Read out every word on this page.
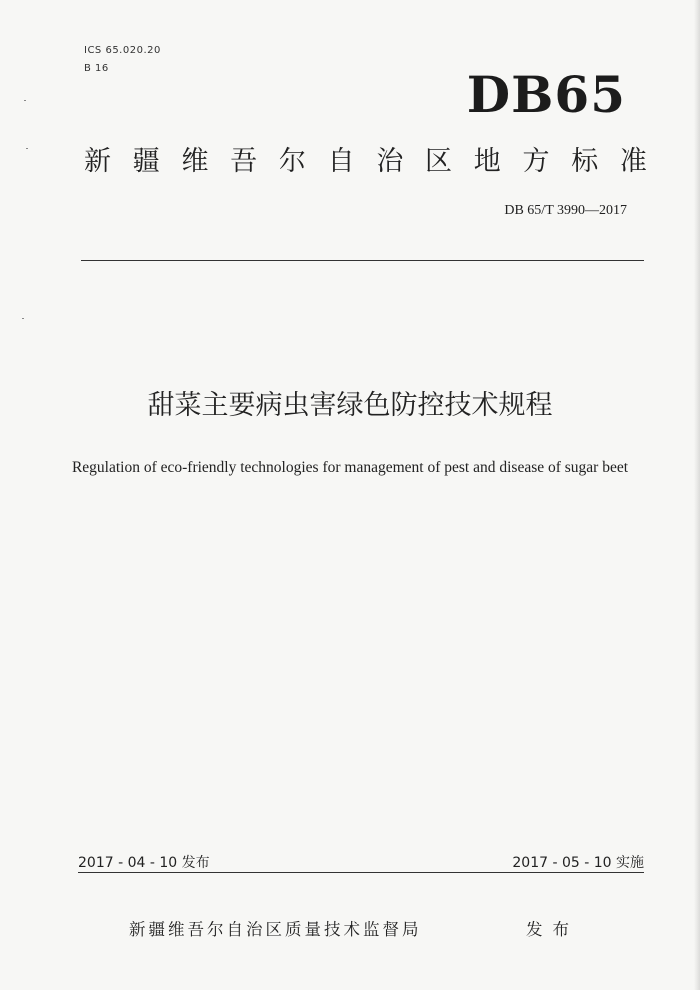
ICS 65.020.20
B 16	DB65
新 疆 维 吾 尔 自 治 区 地 方 标 准
DB 65/T 3990—2017
甜菜主要病虫害绿色防控技术规程
Regulation of eco-friendly technologies for management of pest and disease of sugar beet
2017 - 04 - 10 发布	2017 - 05 - 10 实施
新疆维吾尔自治区质量技术监督局	发布
